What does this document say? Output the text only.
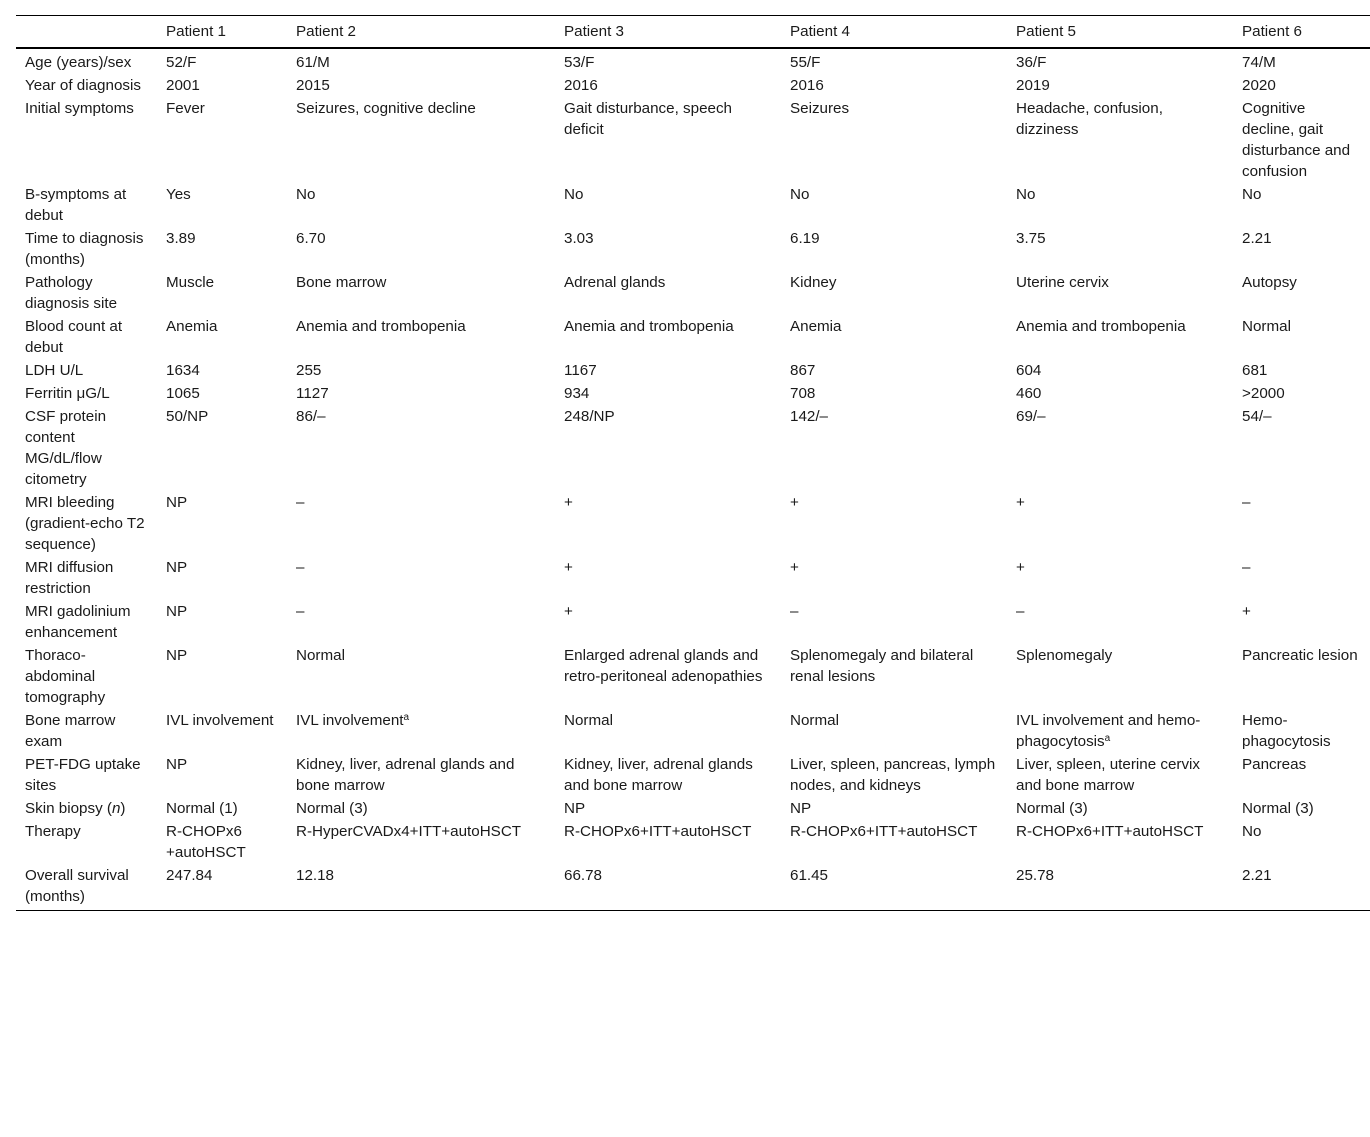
	Patient 1	Patient 2	Patient 3	Patient 4	Patient 5	Patient 6
Age (years)/sex	52/F	61/M	53/F	55/F	36/F	74/M
Year of diagnosis	2001	2015	2016	2016	2019	2020
Initial symptoms	Fever	Seizures, cognitive decline	Gait disturbance, speech deficit	Seizures	Headache, confusion, dizziness	Cognitive decline, gait disturbance and confusion
B-symptoms at debut	Yes	No	No	No	No	No
Time to diagnosis (months)	3.89	6.70	3.03	6.19	3.75	2.21
Pathology diagnosis site	Muscle	Bone marrow	Adrenal glands	Kidney	Uterine cervix	Autopsy
Blood count at debut	Anemia	Anemia and trombopenia	Anemia and trombopenia	Anemia	Anemia and trombopenia	Normal
LDH U/L	1634	255	1167	867	604	681
Ferritin μG/L	1065	1127	934	708	460	>2000
CSF protein content MG/dL/flow citometry	50/NP	86/–	248/NP	142/–	69/–	54/–
MRI bleeding (gradient-echo T2 sequence)	NP	–	+	+	+	–
MRI diffusion restriction	NP	–	+	+	+	–
MRI gadolinium enhancement	NP	–	+	–	–	+
Thoraco-abdominal tomography	NP	Normal	Enlarged adrenal glands and retro-peritoneal adenopathies	Splenomegaly and bilateral renal lesions	Splenomegaly	Pancreatic lesion
Bone marrow exam	IVL involvement	IVL involvement$^a$	Normal	Normal	IVL involvement and hemo-phagocytosis$^a$	Hemo-phagocytosis
PET-FDG uptake sites	NP	Kidney, liver, adrenal glands and bone marrow	Kidney, liver, adrenal glands and bone marrow	Liver, spleen, pancreas, lymph nodes, and kidneys	Liver, spleen, uterine cervix and bone marrow	Pancreas
Skin biopsy (n)	Normal (1)	Normal (3)	NP	NP	Normal (3)	Normal (3)
Therapy	R-CHOPx6 +autoHSCT	R-HyperCVADx4+ITT+autoHSCT	R-CHOPx6+ITT+autoHSCT	R-CHOPx6+ITT+autoHSCT	R-CHOPx6+ITT+autoHSCT	No
Overall survival (months)	247.84	12.18	66.78	61.45	25.78	2.21
